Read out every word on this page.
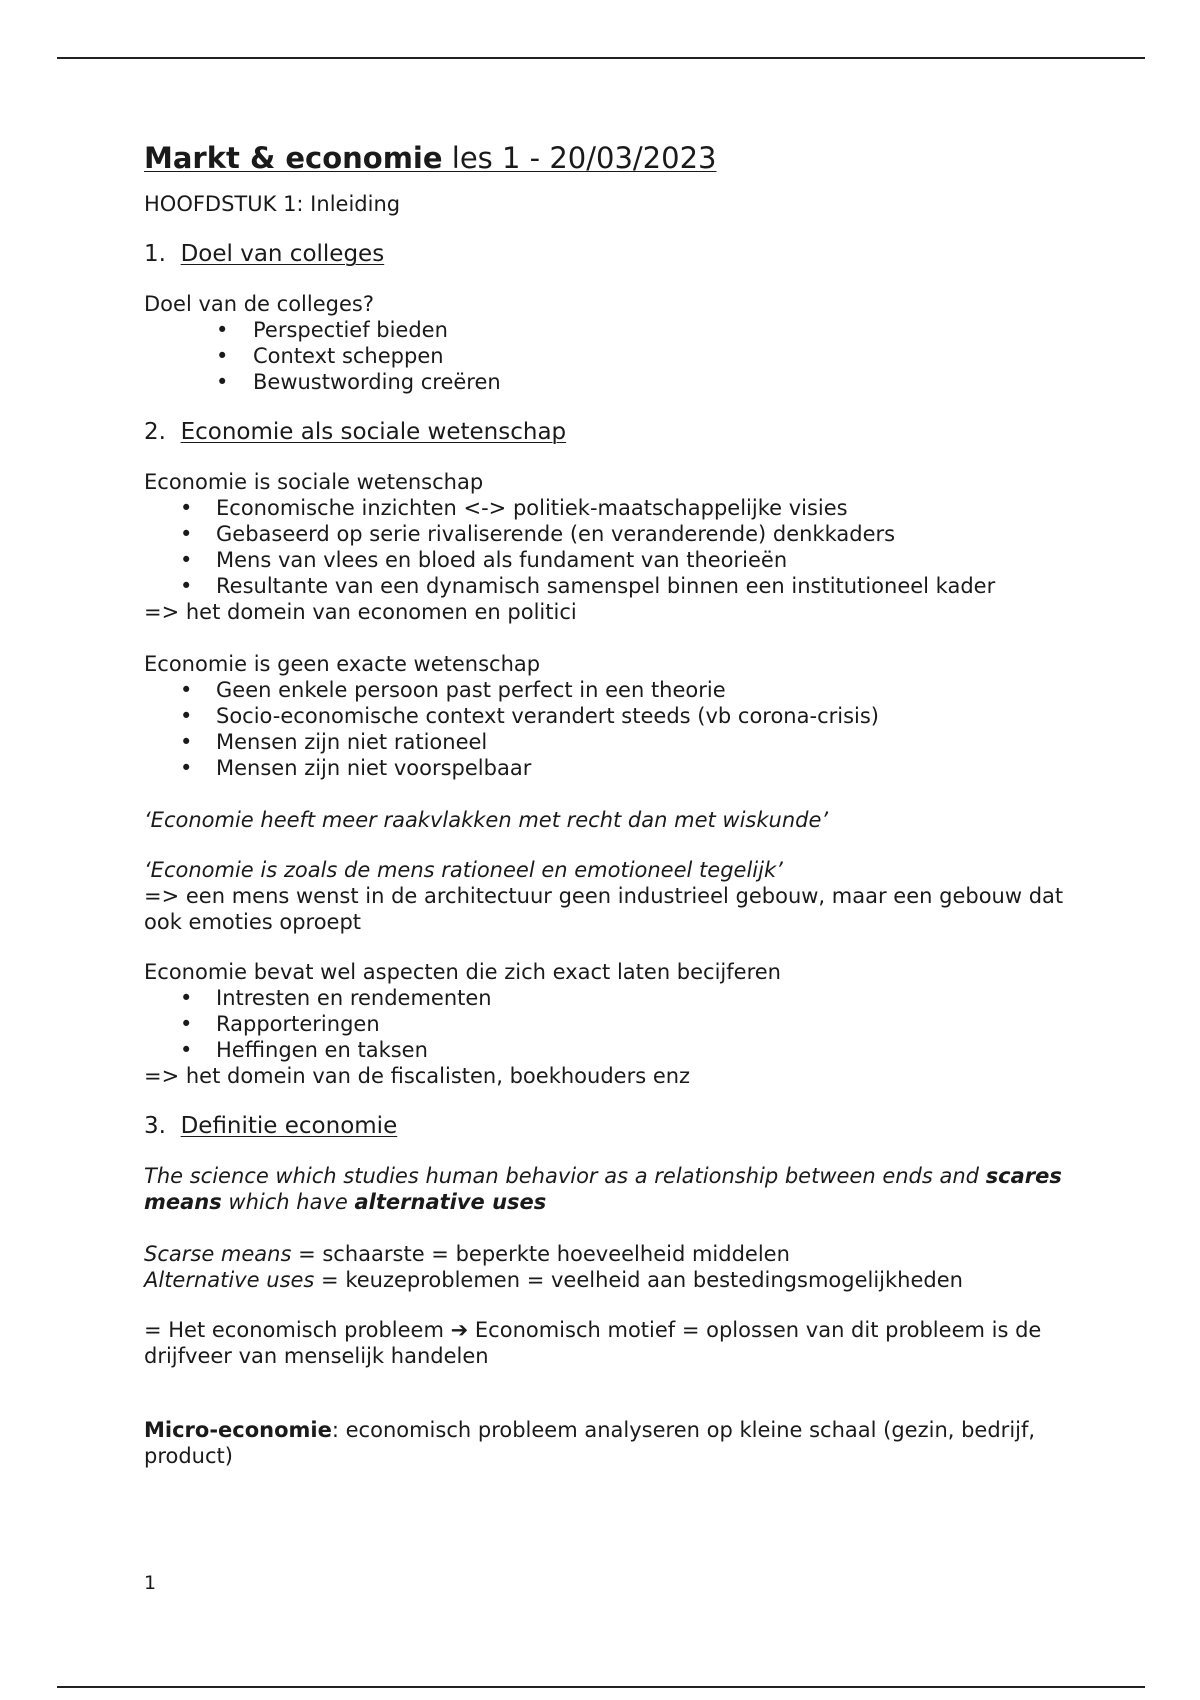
Markt & economie les 1 - 20/03/2023

HOOFDSTUK 1: Inleiding

1. Doel van colleges

Doel van de colleges?

• Perspectief bieden
• Context scheppen
• Bewustwording creëren

2. Economie als sociale wetenschap

Economie is sociale wetenschap

• Economische inzichten <-> politiek-maatschappelijke visies
• Gebaseerd op serie rivaliserende (en veranderende) denkkaders
• Mens van vlees en bloed als fundament van theorieën
• Resultante van een dynamisch samenspel binnen een institutioneel kader

=> het domein van economen en politici

Economie is geen exacte wetenschap

• Geen enkele persoon past perfect in een theorie
• Socio-economische context verandert steeds (vb corona-crisis)
• Mensen zijn niet rationeel
• Mensen zijn niet voorspelbaar

‘Economie heeft meer raakvlakken met recht dan met wiskunde’

‘Economie is zoals de mens rationeel en emotioneel tegelijk’

=> een mens wenst in de architectuur geen industrieel gebouw, maar een gebouw dat ook emoties oproept

Economie bevat wel aspecten die zich exact laten becijferen

• Intresten en rendementen
• Rapporteringen
• Heffingen en taksen

=> het domein van de fiscalisten, boekhouders enz

3. Definitie economie

The science which studies human behavior as a relationship between ends and scares means which have alternative uses

Scarse means = schaarste = beperkte hoeveelheid middelen

Alternative uses = keuzeproblemen = veelheid aan bestedingsmogelijkheden

= Het economisch probleem ➔ Economisch motief = oplossen van dit probleem is de drijfveer van menselijk handelen

Micro-economie: economisch probleem analyseren op kleine schaal (gezin, bedrijf, product)

1
